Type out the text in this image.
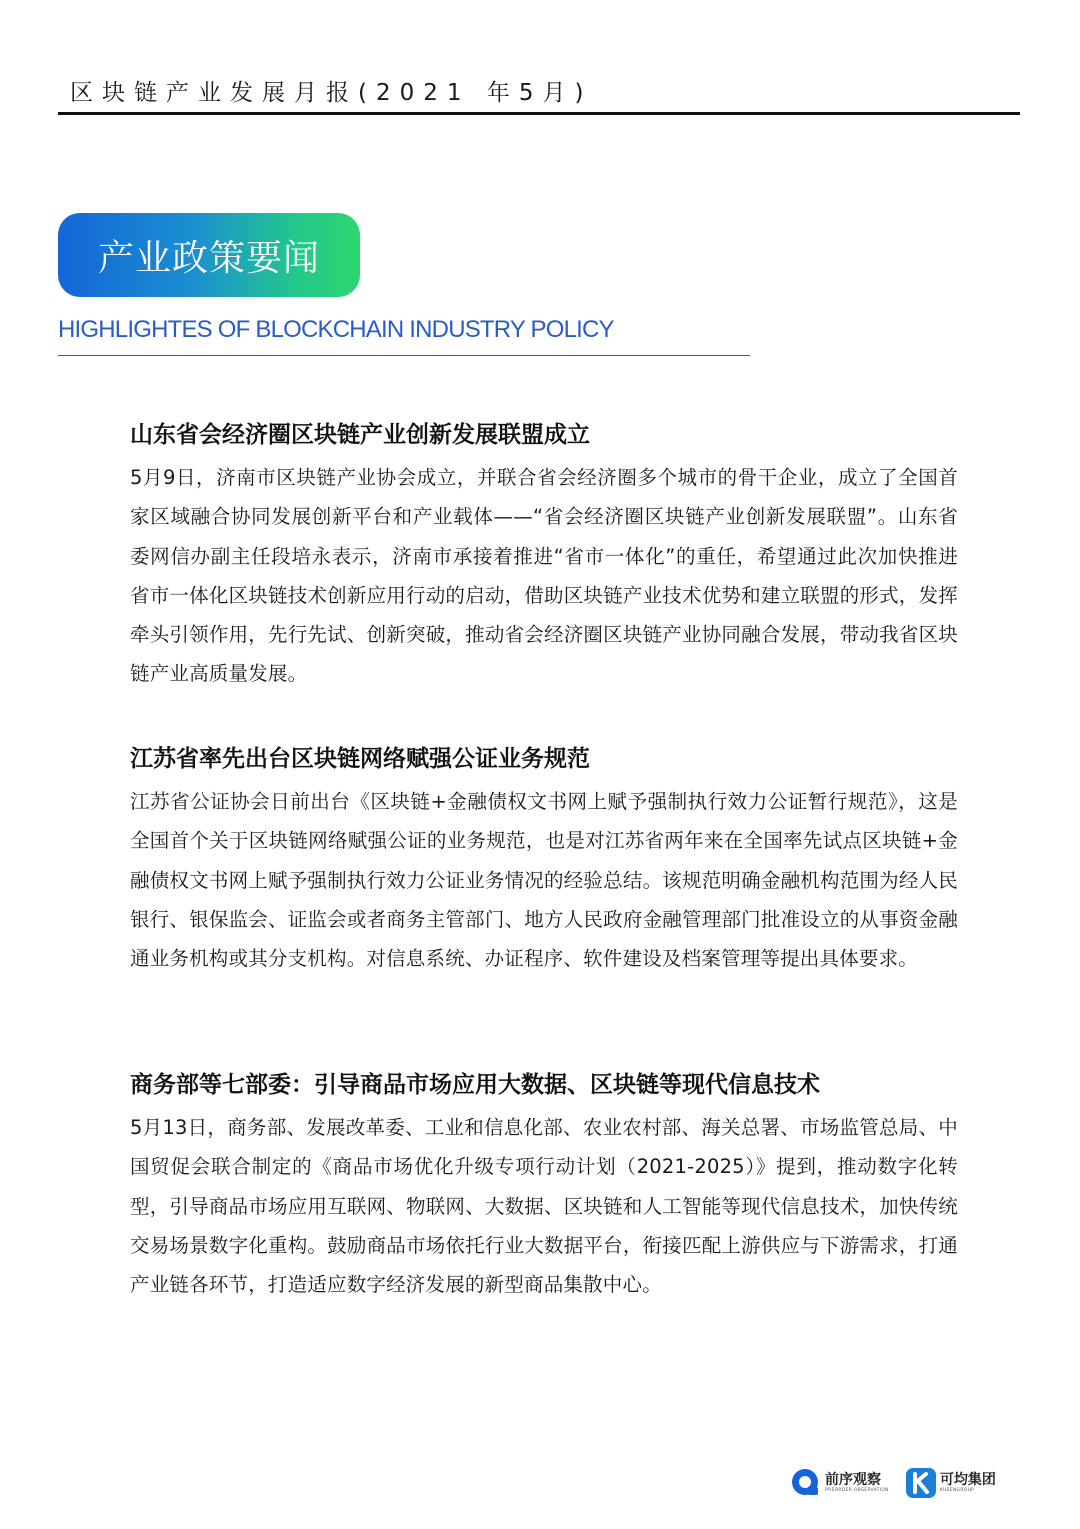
区块链产业发展月报(2021 年5月)
产业政策要闻
HIGHLIGHTES OF BLOCKCHAIN INDUSTRY POLICY
山东省会经济圈区块链产业创新发展联盟成立

5月9日，济南市区块链产业协会成立，并联合省会经济圈多个城市的骨干企业，成立了全国首家区域融合协同发展创新平台和产业载体——“省会经济圈区块链产业创新发展联盟”。山东省委网信办副主任段培永表示，济南市承接着推进“省市一体化”的重任，希望通过此次加快推进省市一体化区块链技术创新应用行动的启动，借助区块链产业技术优势和建立联盟的形式，发挥牵头引领作用，先行先试、创新突破，推动省会经济圈区块链产业协同融合发展，带动我省区块链产业高质量发展。

江苏省率先出台区块链网络赋强公证业务规范

江苏省公证协会日前出台《区块链+金融债权文书网上赋予强制执行效力公证暂行规范》，这是全国首个关于区块链网络赋强公证的业务规范，也是对江苏省两年来在全国率先试点区块链+金融债权文书网上赋予强制执行效力公证业务情况的经验总结。该规范明确金融机构范围为经人民银行、银保监会、证监会或者商务主管部门、地方人民政府金融管理部门批准设立的从事资金融通业务机构或其分支机构。对信息系统、办证程序、软件建设及档案管理等提出具体要求。

商务部等七部委：引导商品市场应用大数据、区块链等现代信息技术

5月13日，商务部、发展改革委、工业和信息化部、农业农村部、海关总署、市场监管总局、中国贸促会联合制定的《商品市场优化升级专项行动计划（2021-2025）》提到，推动数字化转型，引导商品市场应用互联网、物联网、大数据、区块链和人工智能等现代信息技术，加快传统交易场景数字化重构。鼓励商品市场依托行业大数据平台，衔接匹配上游供应与下游需求，打通产业链各环节，打造适应数字经济发展的新型商品集散中心。

前序观察
PREORDER OBSERVATION
可均集团
KUEENGROUP
